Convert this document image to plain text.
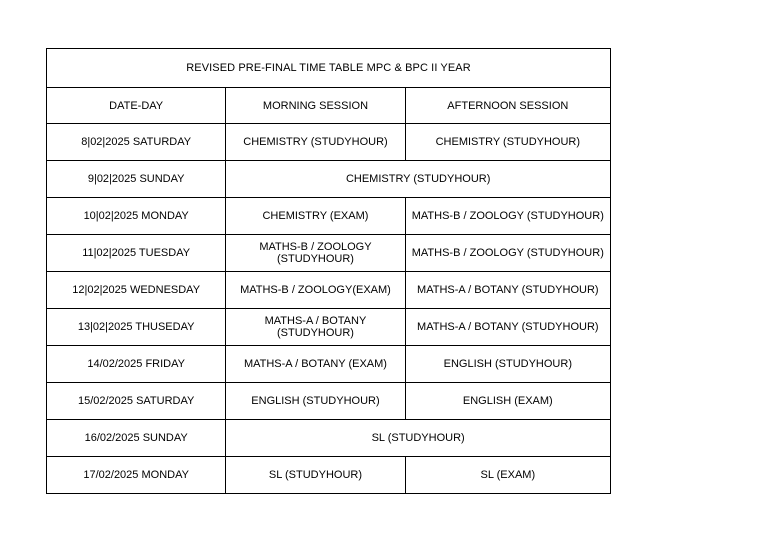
REVISED PRE-FINAL TIME TABLE MPC & BPC II YEAR		
DATE-DAY	MORNING SESSION	AFTERNOON SESSION
8|02|2025 SATURDAY	CHEMISTRY (STUDYHOUR)	CHEMISTRY (STUDYHOUR)
9|02|2025 SUNDAY	CHEMISTRY (STUDYHOUR)	
10|02|2025 MONDAY	CHEMISTRY (EXAM)	MATHS-B / ZOOLOGY (STUDYHOUR)
11|02|2025 TUESDAY	MATHS-B / ZOOLOGY (STUDYHOUR)	MATHS-B / ZOOLOGY (STUDYHOUR)
12|02|2025 WEDNESDAY	MATHS-B / ZOOLOGY(EXAM)	MATHS-A / BOTANY (STUDYHOUR)
13|02|2025 THUSEDAY	MATHS-A / BOTANY (STUDYHOUR)	MATHS-A / BOTANY (STUDYHOUR)
14/02/2025 FRIDAY	MATHS-A / BOTANY (EXAM)	ENGLISH (STUDYHOUR)
15/02/2025 SATURDAY	ENGLISH (STUDYHOUR)	ENGLISH (EXAM)
16/02/2025 SUNDAY	SL (STUDYHOUR)	
17/02/2025 MONDAY	SL (STUDYHOUR)	SL (EXAM)
